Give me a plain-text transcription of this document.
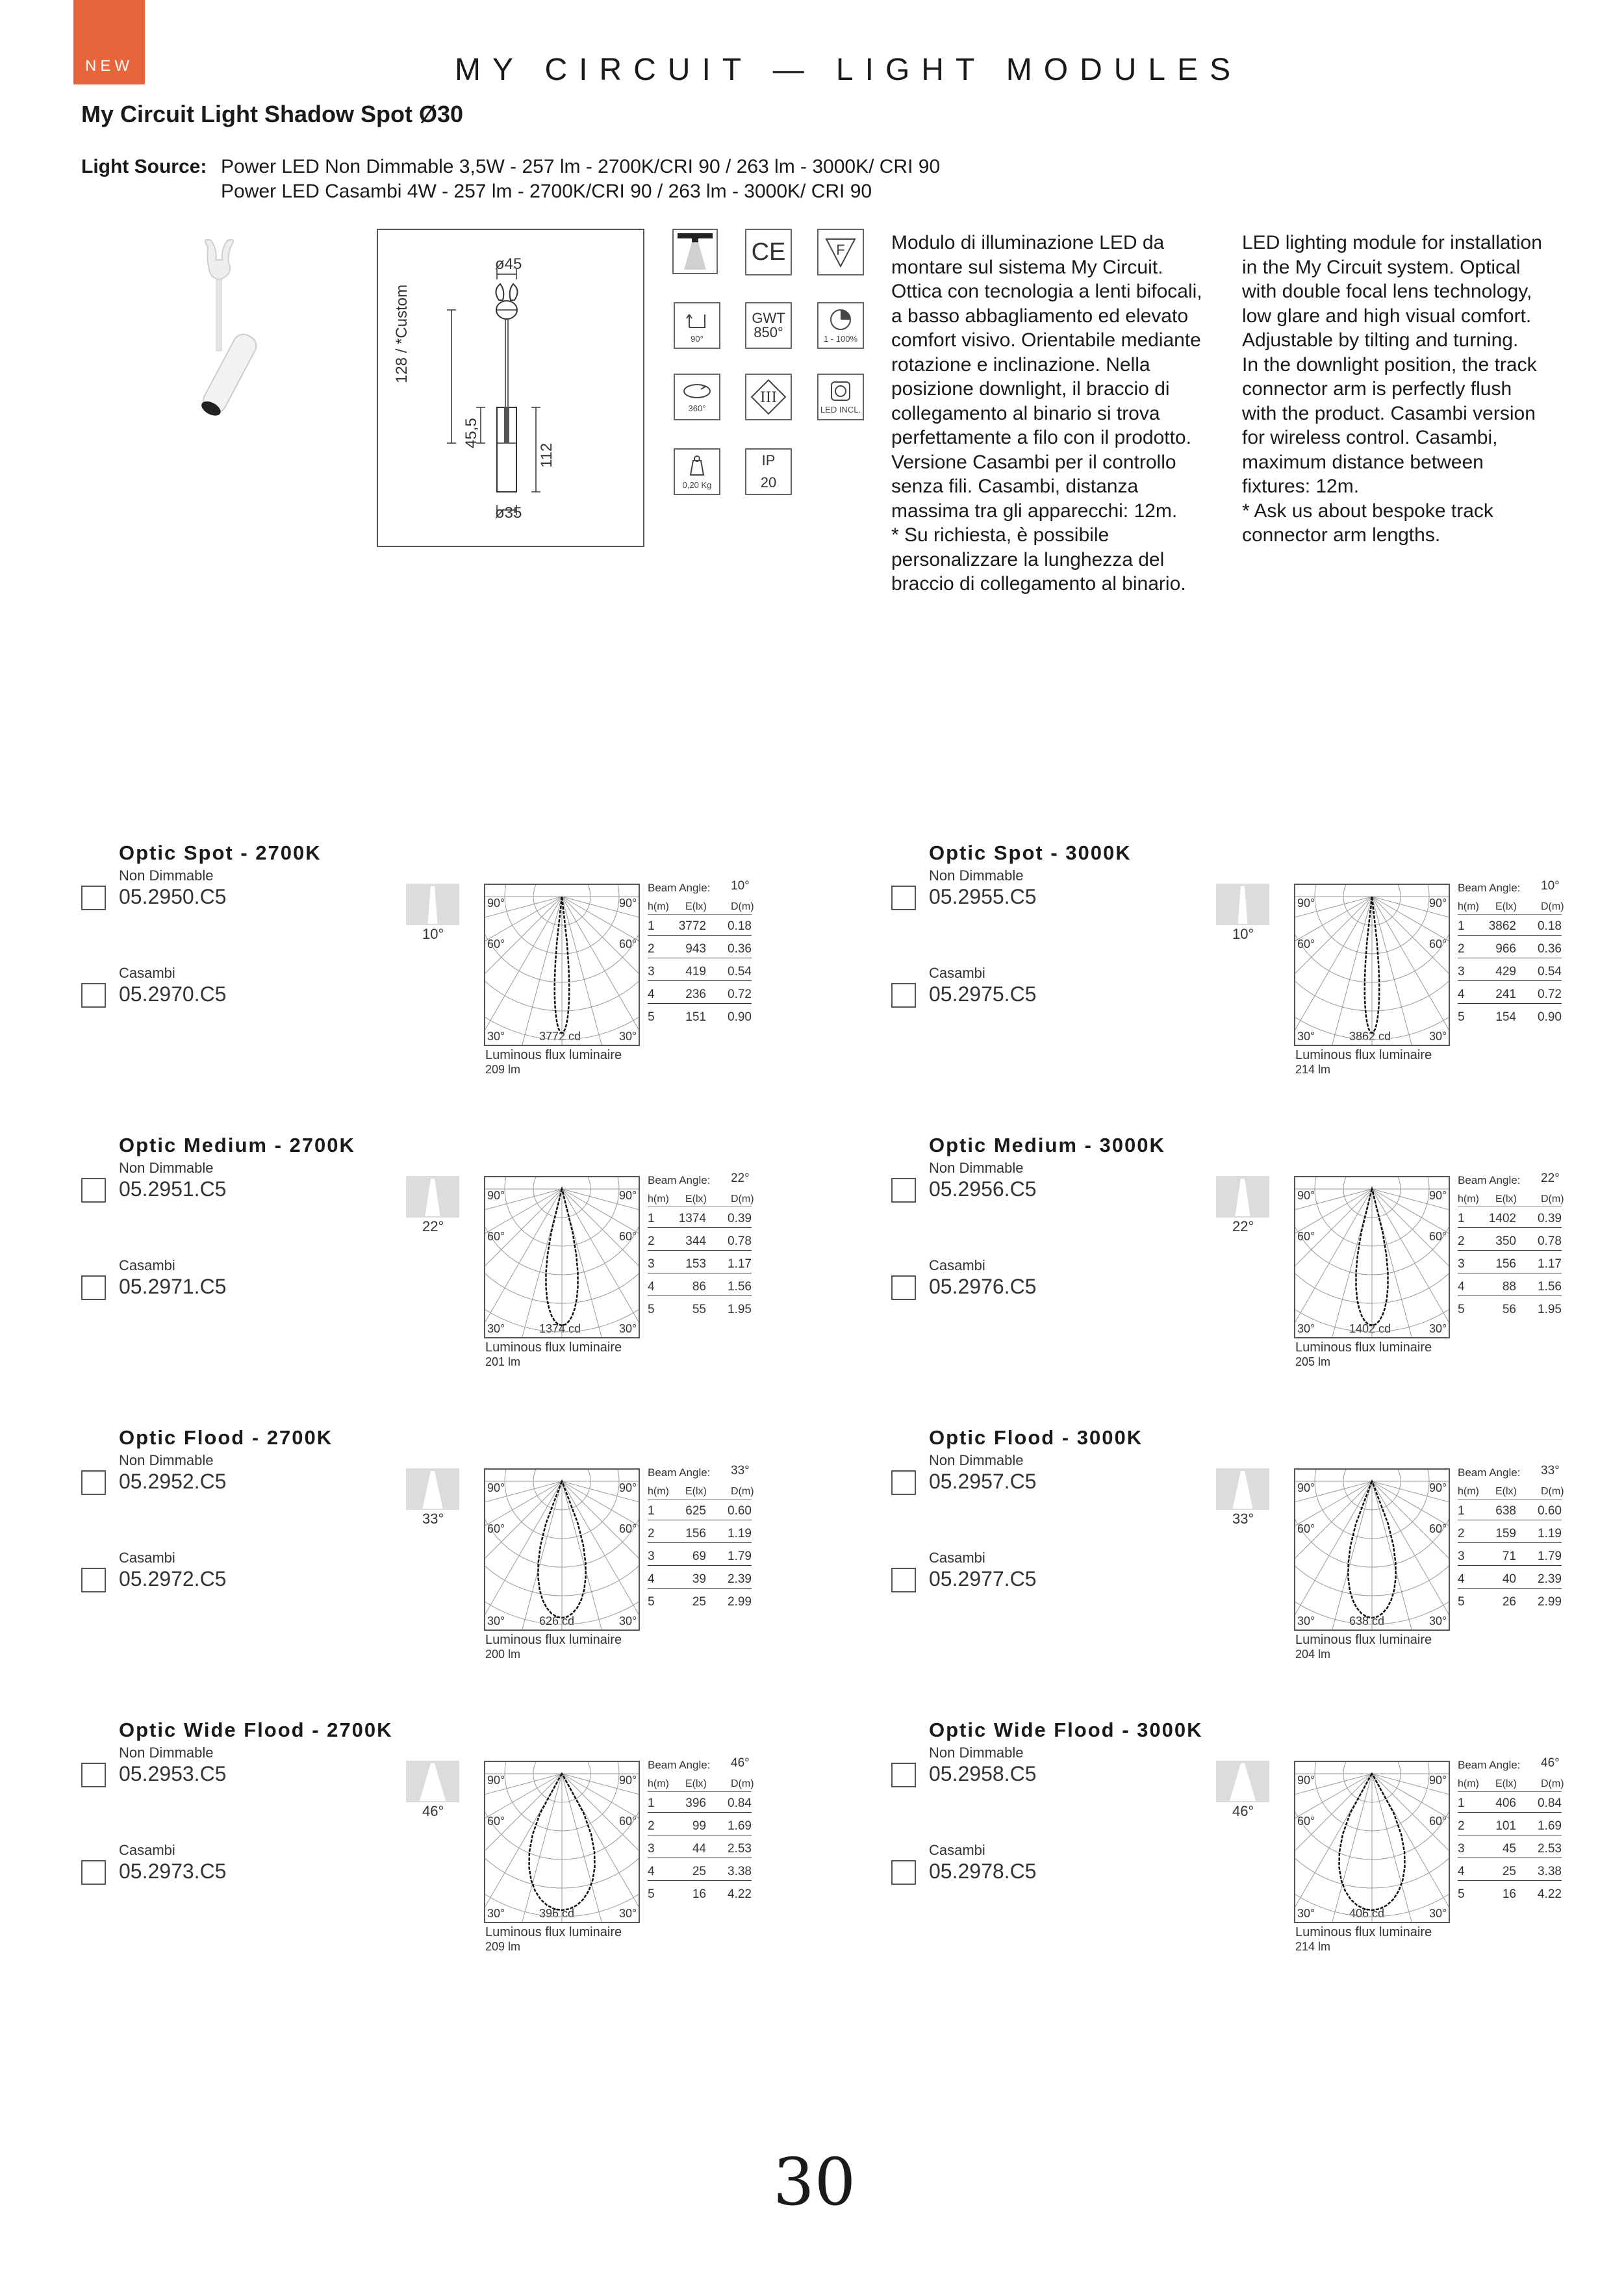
NEW	MY CIRCUIT — LIGHT MODULES
My Circuit Light Shadow Spot Ø30
Light Source: Power LED Non Dimmable 3,5W - 257 lm - 2700K/CRI 90 / 263 lm - 3000K/ CRI 90
Power LED Casambi 4W - 257 lm - 2700K/CRI 90 / 263 lm - 3000K/ CRI 90
ø45
ø35
128 / *Custom
45,5
112
CE	F
90°
GWT
850°	1 - 100%
360°
III
LED INCL.
0,20 Kg
IP
20
Modulo di illuminazione LED da
montare sul sistema My Circuit.
Ottica con tecnologia a lenti bifocali,
a basso abbagliamento ed elevato
comfort visivo. Orientabile mediante
rotazione e inclinazione. Nella
posizione downlight, il braccio di
collegamento al binario si trova
perfettamente a filo con il prodotto.
Versione Casambi per il controllo
senza fili. Casambi, distanza
massima tra gli apparecchi: 12m.
* Su richiesta, è possibile
personalizzare la lunghezza del
braccio di collegamento al binario.
LED lighting module for installation
in the My Circuit system. Optical
with double focal lens technology,
low glare and high visual comfort.
Adjustable by tilting and turning.
In the downlight position, the track
connector arm is perfectly flush
with the product. Casambi version
for wireless control. Casambi,
maximum distance between
fixtures: 12m.
* Ask us about bespoke track
connector arm lengths.
Optic Spot - 2700K
Non Dimmable
05.2950.C5
Casambi
05.2970.C5
10°
90°	90°
60°	60°
30°	30°
3772 cd
Luminous flux luminaire
209 lm
Beam Angle: 10°
h(m) E(lx) D(m)
1 3772 0.18
2	943 0.36
3	419 0.54
4	236 0.72
5	151 0.90
Optic Spot - 3000K
Non Dimmable
05.2955.C5
Casambi
05.2975.C5
10°
90°	90°
60°	60°
30°	30°
3862 cd
Luminous flux luminaire
214 lm
Beam Angle: 10°
h(m) E(lx) D(m)
1 3862 0.18
2	966 0.36
3	429 0.54
4	241 0.72
5	154 0.90
Optic Medium - 2700K
Non Dimmable
05.2951.C5
Casambi
05.2971.C5
22°
90°	90°
60°	60°
30°	30°
1374 cd
Luminous flux luminaire
201 lm
Beam Angle: 22°
h(m) E(lx) D(m)
1 1374 0.39
2	344 0.78
3	153 1.17
4	86 1.56
5	55 1.95
Optic Medium - 3000K
Non Dimmable
05.2956.C5
Casambi
05.2976.C5
22°
90°	90°
60°	60°
30°	30°
1402 cd
Luminous flux luminaire
205 lm
Beam Angle: 22°
h(m) E(lx) D(m)
1 1402 0.39
2	350 0.78
3	156 1.17
4	88 1.56
5	56 1.95
Optic Flood - 2700K
Non Dimmable
05.2952.C5
Casambi
05.2972.C5
33°
90°	90°
60°	60°
30°	30°
626 cd
Luminous flux luminaire
200 lm
Beam Angle: 33°
h(m) E(lx) D(m)
1	625 0.60
2	156 1.19
3	69 1.79
4	39 2.39
5	25 2.99
Optic Flood - 3000K
Non Dimmable
05.2957.C5
Casambi
05.2977.C5
33°
90°	90°
60°	60°
30°	30°
638 cd
Luminous flux luminaire
204 lm
Beam Angle: 33°
h(m) E(lx) D(m)
1	638 0.60
2	159 1.19
3	71 1.79
4	40 2.39
5	26 2.99
Optic Wide Flood - 2700K
Non Dimmable
05.2953.C5
Casambi
05.2973.C5
46°
90°	90°
60°	60°
30°	30°
396 cd
Luminous flux luminaire
209 lm
Beam Angle: 46°
h(m) E(lx) D(m)
1	396 0.84
2	99 1.69
3	44 2.53
4	25 3.38
5	16 4.22
Optic Wide Flood - 3000K
Non Dimmable
05.2958.C5
Casambi
05.2978.C5
46°
90°	90°
60°	60°
30°	30°
406 cd
Luminous flux luminaire
214 lm
Beam Angle: 46°
h(m) E(lx) D(m)
1	406 0.84
2	101 1.69
3	45 2.53
4	25 3.38
5	16 4.22
30
